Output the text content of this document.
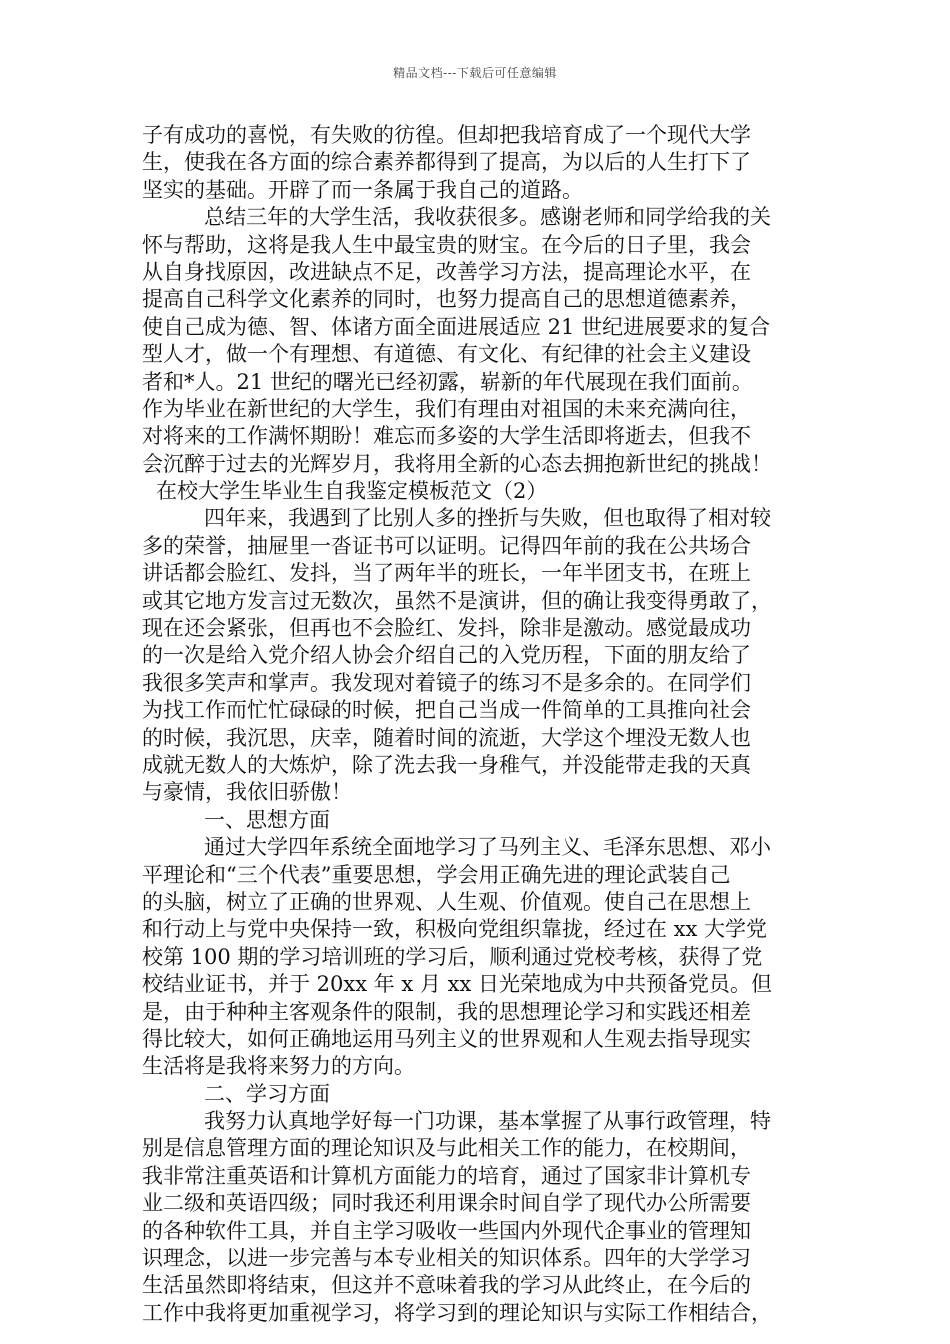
精品文档---下载后可任意编辑
子有成功的喜悦，有失败的彷徨。但却把我培育成了一个现代大学
生，使我在各方面的综合素养都得到了提高，为以后的人生打下了
坚实的基础。开辟了而一条属于我自己的道路。
总结三年的大学生活，我收获很多。感谢老师和同学给我的关
怀与帮助，这将是我人生中最宝贵的财宝。在今后的日子里，我会
从自身找原因，改进缺点不足，改善学习方法，提高理论水平，在
提高自己科学文化素养的同时，也努力提高自己的思想道德素养，
使自己成为德、智、体诸方面全面进展适应 21 世纪进展要求的复合
型人才，做一个有理想、有道德、有文化、有纪律的社会主义建设
者和*人。21 世纪的曙光已经初露，崭新的年代展现在我们面前。
作为毕业在新世纪的大学生，我们有理由对祖国的未来充满向往，
对将来的工作满怀期盼！难忘而多姿的大学生活即将逝去，但我不
会沉醉于过去的光辉岁月，我将用全新的心态去拥抱新世纪的挑战！
在校大学生毕业生自我鉴定模板范文（2）
四年来，我遇到了比别人多的挫折与失败，但也取得了相对较
多的荣誉，抽屉里一沓证书可以证明。记得四年前的我在公共场合
讲话都会脸红、发抖，当了两年半的班长，一年半团支书，在班上
或其它地方发言过无数次，虽然不是演讲，但的确让我变得勇敢了，
现在还会紧张，但再也不会脸红、发抖，除非是激动。感觉最成功
的一次是给入党介绍人协会介绍自己的入党历程，下面的朋友给了
我很多笑声和掌声。我发现对着镜子的练习不是多余的。在同学们
为找工作而忙忙碌碌的时候，把自己当成一件简单的工具推向社会
的时候，我沉思，庆幸，随着时间的流逝，大学这个埋没无数人也
成就无数人的大炼炉，除了洗去我一身稚气，并没能带走我的天真
与豪情，我依旧骄傲！
一、思想方面
通过大学四年系统全面地学习了马列主义、毛泽东思想、邓小
平理论和“三个代表”重要思想，学会用正确先进的理论武装自己
的头脑，树立了正确的世界观、人生观、价值观。使自己在思想上
和行动上与党中央保持一致，积极向党组织靠拢，经过在 xx 大学党
校第 100 期的学习培训班的学习后，顺利通过党校考核，获得了党
校结业证书，并于 20xx 年 x 月 xx 日光荣地成为中共预备党员。但
是，由于种种主客观条件的限制，我的思想理论学习和实践还相差
得比较大，如何正确地运用马列主义的世界观和人生观去指导现实
生活将是我将来努力的方向。
二、学习方面
我努力认真地学好每一门功课，基本掌握了从事行政管理，特
别是信息管理方面的理论知识及与此相关工作的能力，在校期间，
我非常注重英语和计算机方面能力的培育，通过了国家非计算机专
业二级和英语四级；同时我还利用课余时间自学了现代办公所需要
的各种软件工具，并自主学习吸收一些国内外现代企事业的管理知
识理念，以进一步完善与本专业相关的知识体系。四年的大学学习
生活虽然即将结束，但这并不意味着我的学习从此终止，在今后的
工作中我将更加重视学习，将学习到的理论知识与实际工作相结合，
